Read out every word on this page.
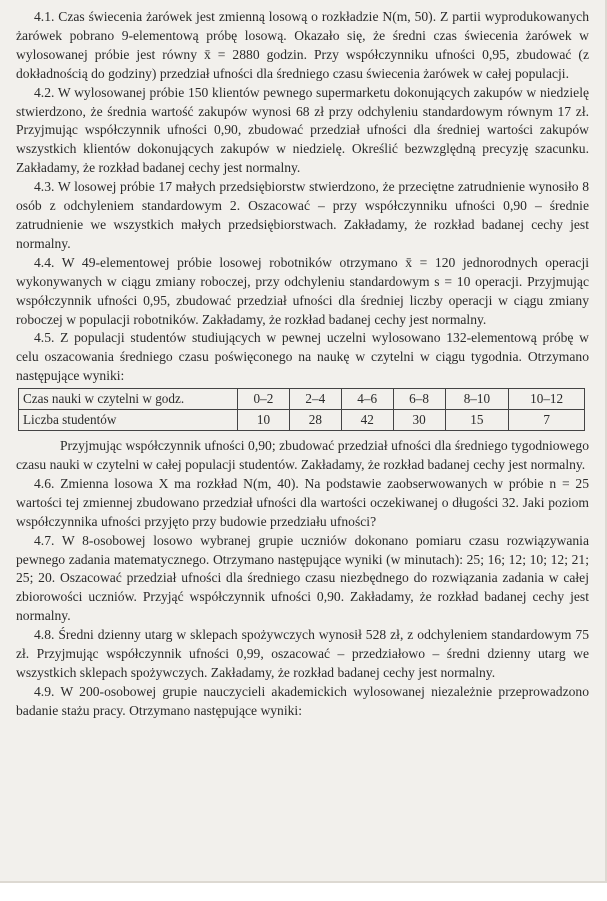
4.1. Czas świecenia żarówek jest zmienną losową o rozkładzie N(m, 50). Z partii wyprodukowanych żarówek pobrano 9-elementową próbę losową. Okazało się, że średni czas świecenia żarówek w wylosowanej próbie jest równy x̄ = 2880 godzin. Przy współczynniku ufności 0,95, zbudować (z dokładnością do godziny) przedział ufności dla średniego czasu świecenia żarówek w całej populacji.

4.2. W wylosowanej próbie 150 klientów pewnego supermarketu dokonujących zakupów w niedzielę stwierdzono, że średnia wartość zakupów wynosi 68 zł przy odchyleniu standardowym równym 17 zł. Przyjmując współczynnik ufności 0,90, zbudować przedział ufności dla średniej wartości zakupów wszystkich klientów dokonujących zakupów w niedzielę. Określić bezwzględną precyzję szacunku. Zakładamy, że rozkład badanej cechy jest normalny.

4.3. W losowej próbie 17 małych przedsiębiorstw stwierdzono, że przeciętne zatrudnienie wynosiło 8 osób z odchyleniem standardowym 2. Oszacować – przy współczynniku ufności 0,90 – średnie zatrudnienie we wszystkich małych przedsiębiorstwach. Zakładamy, że rozkład badanej cechy jest normalny.

4.4. W 49-elementowej próbie losowej robotników otrzymano x̄ = 120 jednorodnych operacji wykonywanych w ciągu zmiany roboczej, przy odchyleniu standardowym s = 10 operacji. Przyjmując współczynnik ufności 0,95, zbudować przedział ufności dla średniej liczby operacji w ciągu zmiany roboczej w populacji robotników. Zakładamy, że rozkład badanej cechy jest normalny.

4.5. Z populacji studentów studiujących w pewnej uczelni wylosowano 132-elementową próbę w celu oszacowania średniego czasu poświęconego na naukę w czytelni w ciągu tygodnia. Otrzymano następujące wyniki:

Czas nauki w czytelni w godz.	0–2	2–4	4–6	6–8	8–10	10–12
Liczba studentów	10	28	42	30	15	7

Przyjmując współczynnik ufności 0,90; zbudować przedział ufności dla średniego tygodniowego czasu nauki w czytelni w całej populacji studentów. Zakładamy, że rozkład badanej cechy jest normalny.

4.6. Zmienna losowa X ma rozkład N(m, 40). Na podstawie zaobserwowanych w próbie n = 25 wartości tej zmiennej zbudowano przedział ufności dla wartości oczekiwanej o długości 32. Jaki poziom współczynnika ufności przyjęto przy budowie przedziału ufności?

4.7. W 8-osobowej losowo wybranej grupie uczniów dokonano pomiaru czasu rozwiązywania pewnego zadania matematycznego. Otrzymano następujące wyniki (w minutach): 25; 16; 12; 10; 12; 21; 25; 20. Oszacować przedział ufności dla średniego czasu niezbędnego do rozwiązania zadania w całej zbiorowości uczniów. Przyjąć współczynnik ufności 0,90. Zakładamy, że rozkład badanej cechy jest normalny.

4.8. Średni dzienny utarg w sklepach spożywczych wynosił 528 zł, z odchyleniem standardowym 75 zł. Przyjmując współczynnik ufności 0,99, oszacować – przedziałowo – średni dzienny utarg we wszystkich sklepach spożywczych. Zakładamy, że rozkład badanej cechy jest normalny.

4.9. W 200-osobowej grupie nauczycieli akademickich wylosowanej niezależnie przeprowadzono badanie stażu pracy. Otrzymano następujące wyniki:
